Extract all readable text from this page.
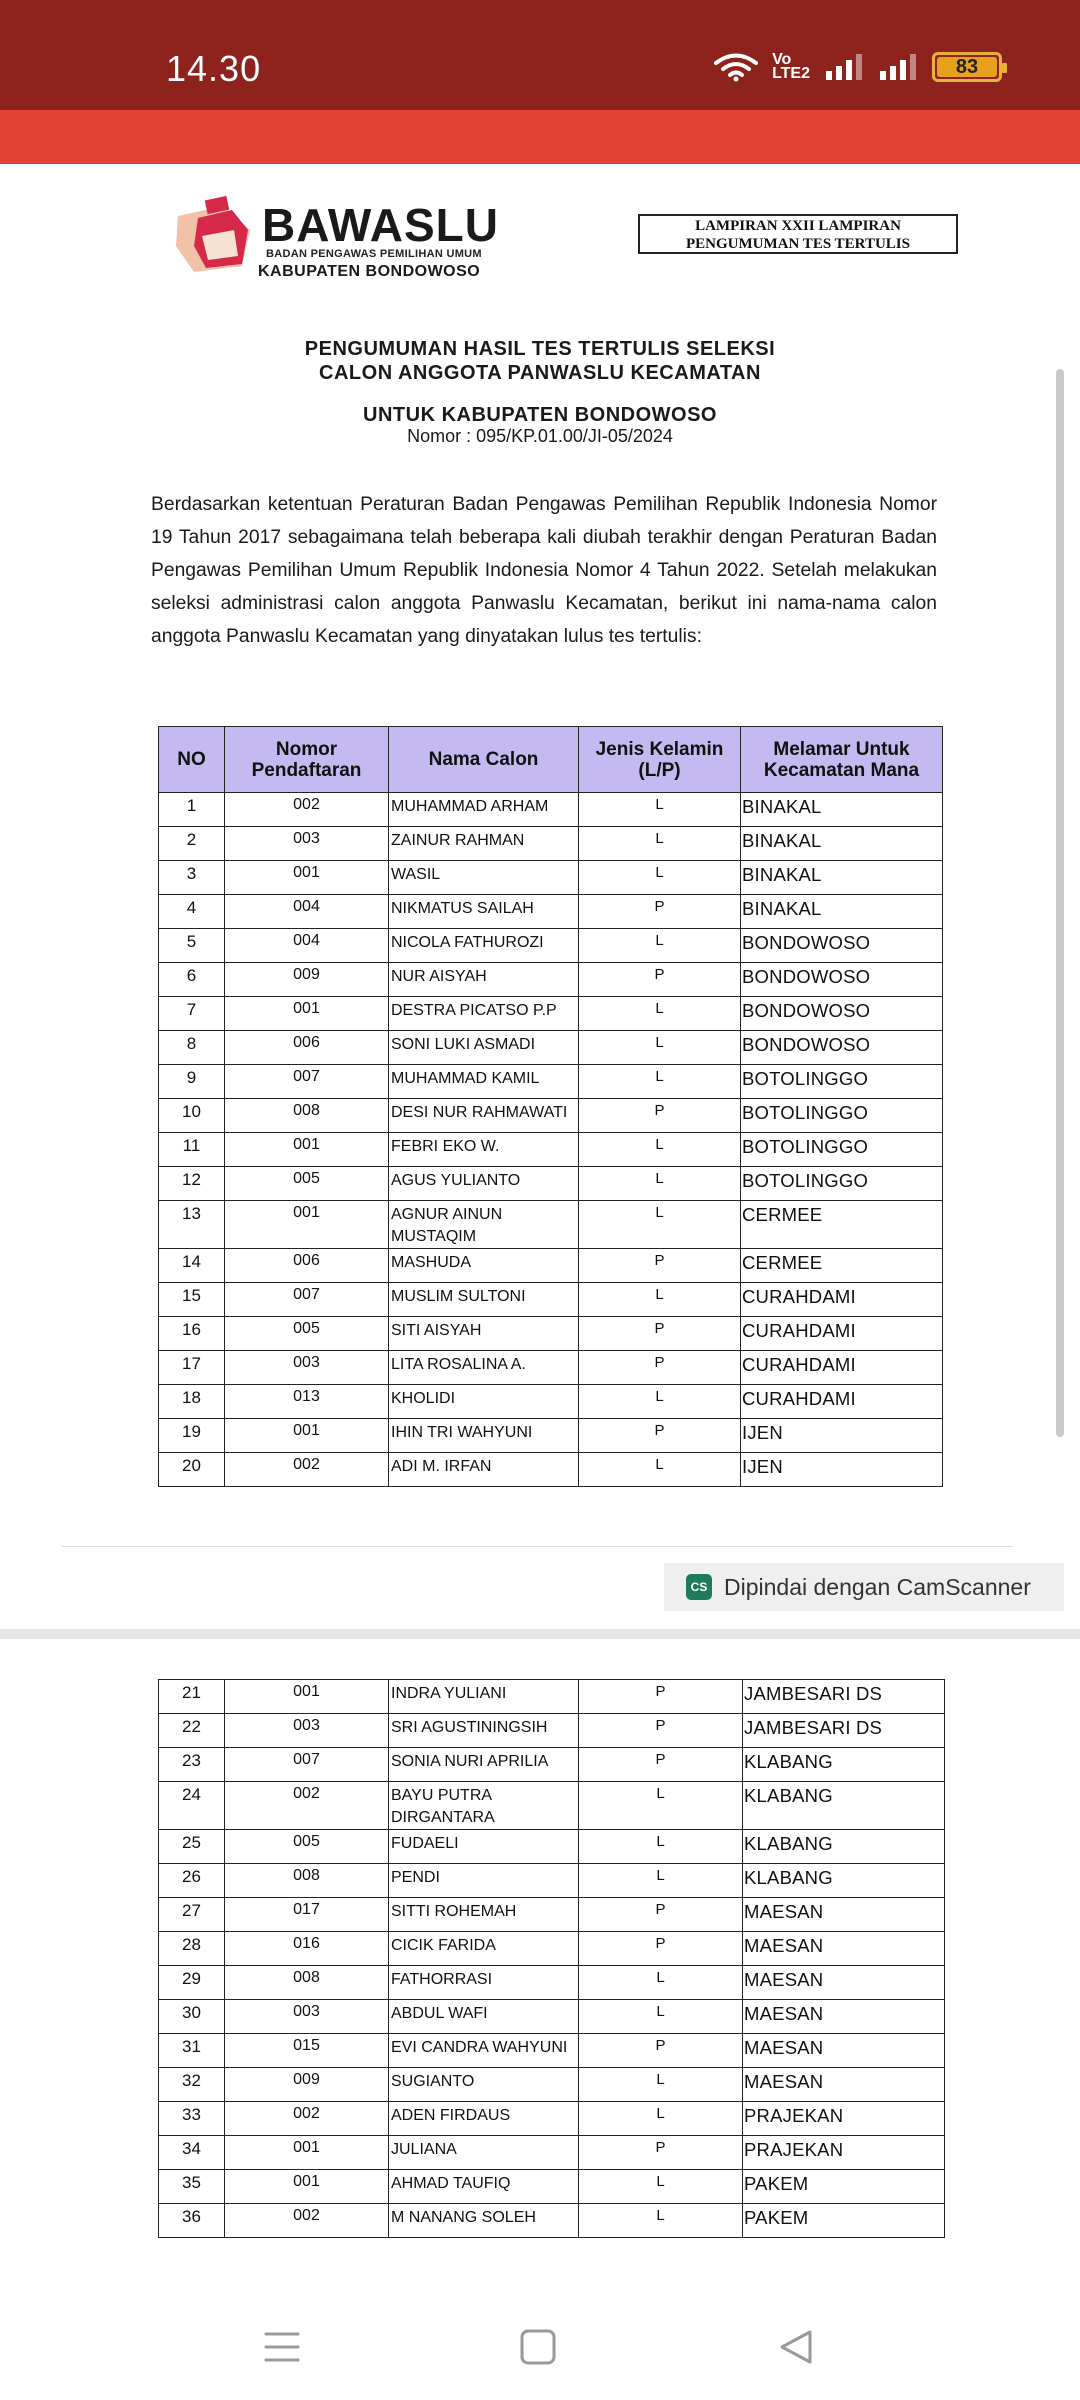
14.30	Vo
LTE2	83
BAWASLU
BADAN PENGAWAS PEMILIHAN UMUM
KABUPATEN BONDOWOSO
LAMPIRAN XXII LAMPIRAN
PENGUMUMAN TES TERTULIS
PENGUMUMAN HASIL TES TERTULIS SELEKSI
CALON ANGGOTA PANWASLU KECAMATAN
UNTUK KABUPATEN BONDOWOSO
Nomor : 095/KP.01.00/JI-05/2024
Berdasarkan ketentuan Peraturan Badan Pengawas Pemilihan Republik Indonesia Nomor 19 Tahun 2017 sebagaimana telah beberapa kali diubah terakhir dengan Peraturan Badan Pengawas Pemilihan Umum Republik Indonesia Nomor 4 Tahun 2022. Setelah melakukan seleksi administrasi calon anggota Panwaslu Kecamatan, berikut ini nama-nama calon anggota Panwaslu Kecamatan yang dinyatakan lulus tes tertulis:
NO	Nomor Pendaftaran	Nama Calon	Jenis Kelamin (L/P)	Melamar Untuk Kecamatan Mana
1	002	MUHAMMAD ARHAM	L	BINAKAL
2	003	ZAINUR RAHMAN	L	BINAKAL
3	001	WASIL	L	BINAKAL
4	004	NIKMATUS SAILAH	P	BINAKAL
5	004	NICOLA FATHUROZI	L	BONDOWOSO
6	009	NUR AISYAH	P	BONDOWOSO
7	001	DESTRA PICATSO P.P	L	BONDOWOSO
8	006	SONI LUKI ASMADI	L	BONDOWOSO
9	007	MUHAMMAD KAMIL	L	BOTOLINGGO
10	008	DESI NUR RAHMAWATI	P	BOTOLINGGO
11	001	FEBRI EKO W.	L	BOTOLINGGO
12	005	AGUS YULIANTO	L	BOTOLINGGO
13	001	AGNUR AINUN MUSTAQIM	L	CERMEE
14	006	MASHUDA	P	CERMEE
15	007	MUSLIM SULTONI	L	CURAHDAMI
16	005	SITI AISYAH	P	CURAHDAMI
17	003	LITA ROSALINA A.	P	CURAHDAMI
18	013	KHOLIDI	L	CURAHDAMI
19	001	IHIN TRI WAHYUNI	P	IJEN
20	002	ADI M. IRFAN	L	IJEN
CS Dipindai dengan CamScanner
21	001	INDRA YULIANI	P	JAMBESARI DS
22	003	SRI AGUSTININGSIH	P	JAMBESARI DS
23	007	SONIA NURI APRILIA	P	KLABANG
24	002	BAYU PUTRA DIRGANTARA	L	KLABANG
25	005	FUDAELI	L	KLABANG
26	008	PENDI	L	KLABANG
27	017	SITTI ROHEMAH	P	MAESAN
28	016	CICIK FARIDA	P	MAESAN
29	008	FATHORRASI	L	MAESAN
30	003	ABDUL WAFI	L	MAESAN
31	015	EVI CANDRA WAHYUNI	P	MAESAN
32	009	SUGIANTO	L	MAESAN
33	002	ADEN FIRDAUS	L	PRAJEKAN
34	001	JULIANA	P	PRAJEKAN
35	001	AHMAD TAUFIQ	L	PAKEM
36	002	M NANANG SOLEH	L	PAKEM
